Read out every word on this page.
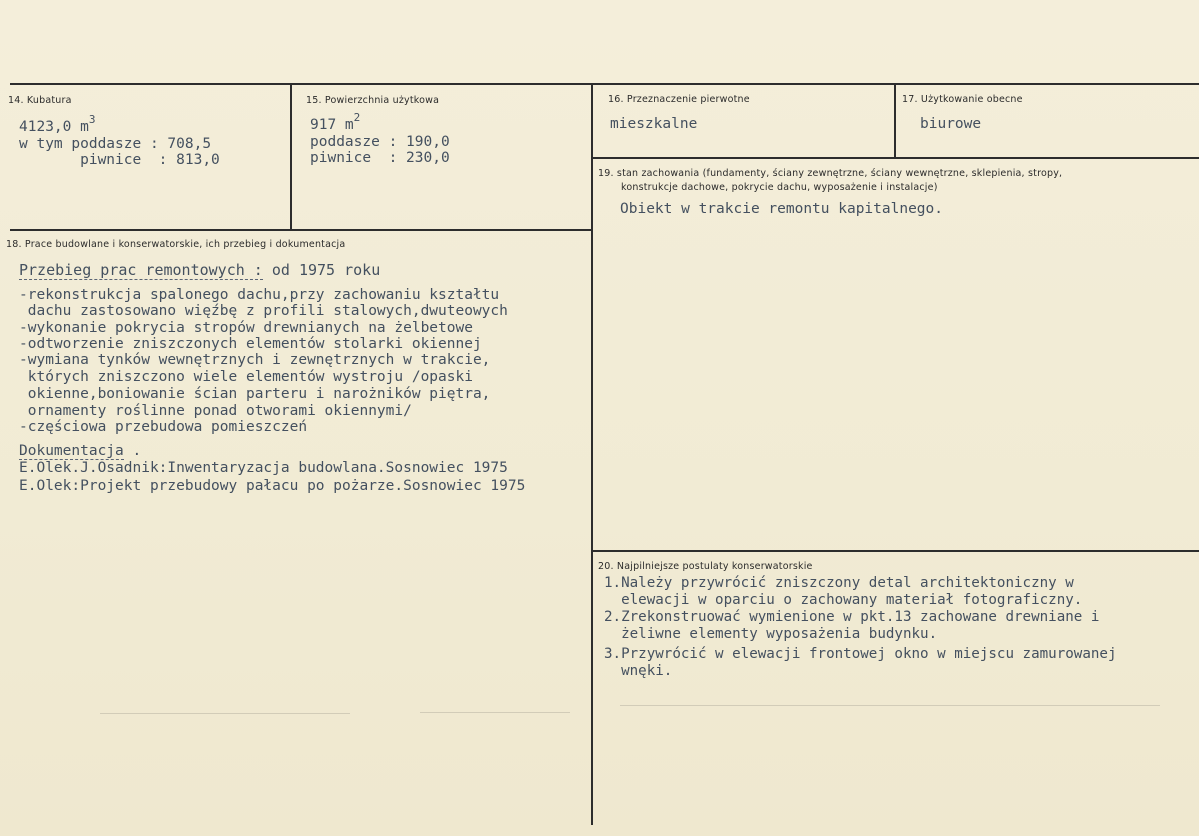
14. Kubatura
4123,0 $m^3$
w tym poddasze : 708,5
piwnice  : 813,0
15. Powierzchnia użytkowa
917 $m^2$
poddasze : 190,0
piwnice  : 230,0
16. Przeznaczenie pierwotne
mieszkalne
17. Użytkowanie obecne
biurowe
19. stan zachowania (fundamenty, ściany zewnętrzne, ściany wewnętrzne, sklepienia, stropy,
konstrukcje dachowe, pokrycie dachu, wyposażenie i instalacje)
Obiekt w trakcie remontu kapitalnego.
18. Prace budowlane i konserwatorskie, ich przebieg i dokumentacja
Przebieg prac remontowych : od 1975 roku
-rekonstrukcja spalonego dachu,przy zachowaniu kształtu
dachu zastosowano więźbę z profili stalowych,dwuteowych
-wykonanie pokrycia stropów drewnianych na żelbetowe
-odtworzenie zniszczonych elementów stolarki okiennej
-wymiana tynków wewnętrznych i zewnętrznych w trakcie,
których zniszczono wiele elementów wystroju /opaski
okienne,boniowanie ścian parteru i narożników piętra,
ornamenty roślinne ponad otworami okiennymi/
-częściowa przebudowa pomieszczeń
Dokumentacja .
E.Olek.J.Osadnik:Inwentaryzacja budowlana.Sosnowiec 1975
E.Olek:Projekt przebudowy pałacu po pożarze.Sosnowiec 1975
20. Najpilniejsze postulaty konserwatorskie
1.Należy przywrócić zniszczony detal architektoniczny w
elewacji w oparciu o zachowany materiał fotograficzny.
2.Zrekonstruować wymienione w pkt.13 zachowane drewniane i
żeliwne elementy wyposażenia budynku.
3.Przywrócić w elewacji frontowej okno w miejscu zamurowanej
wnęki.
